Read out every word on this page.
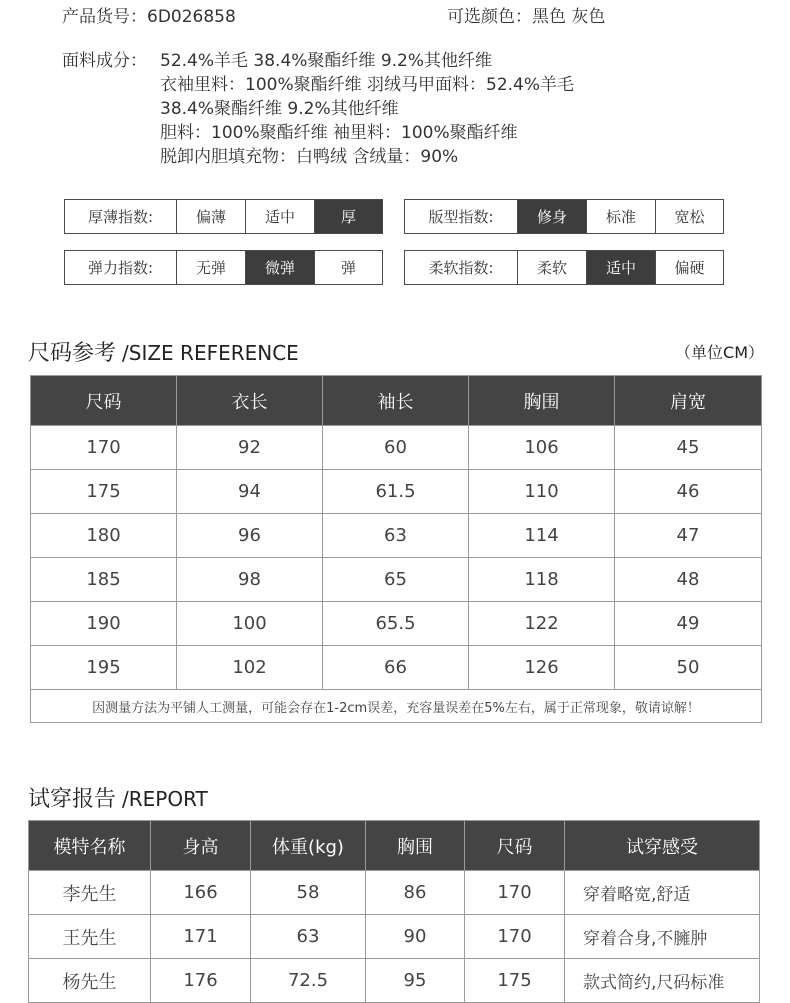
产品货号：6D026858	可选颜色：黑色 灰色
面料成分： 52.4%羊毛 38.4%聚酯纤维 9.2%其他纤维
衣袖里料：100%聚酯纤维 羽绒马甲面料：52.4%羊毛
38.4%聚酯纤维 9.2%其他纤维
胆料：100%聚酯纤维 袖里料：100%聚酯纤维
脱卸内胆填充物：白鸭绒 含绒量：90%
厚薄指数:	偏薄	适中	厚	版型指数:	修身	标准	宽松
弹力指数:	无弹	微弹	弹	柔软指数:	柔软	适中	偏硬
尺码参考 /SIZE REFERENCE	（单位CM）
尺码	衣长	袖长	胸围	肩宽
170	92	60	106	45
175	94	61.5	110	46
180	96	63	114	47
185	98	65	118	48
190	100	65.5	122	49
195	102	66	126	50
因测量方法为平铺人工测量，可能会存在1-2cm误差，充容量误差在5%左右，属于正常现象，敬请谅解！				
试穿报告 /REPORT
模特名称	身高	体重(kg)	胸围	尺码	试穿感受
李先生	166	58	86	170	穿着略宽,舒适
王先生	171	63	90	170	穿着合身,不臃肿
杨先生	176	72.5	95	175	款式简约,尺码标准
